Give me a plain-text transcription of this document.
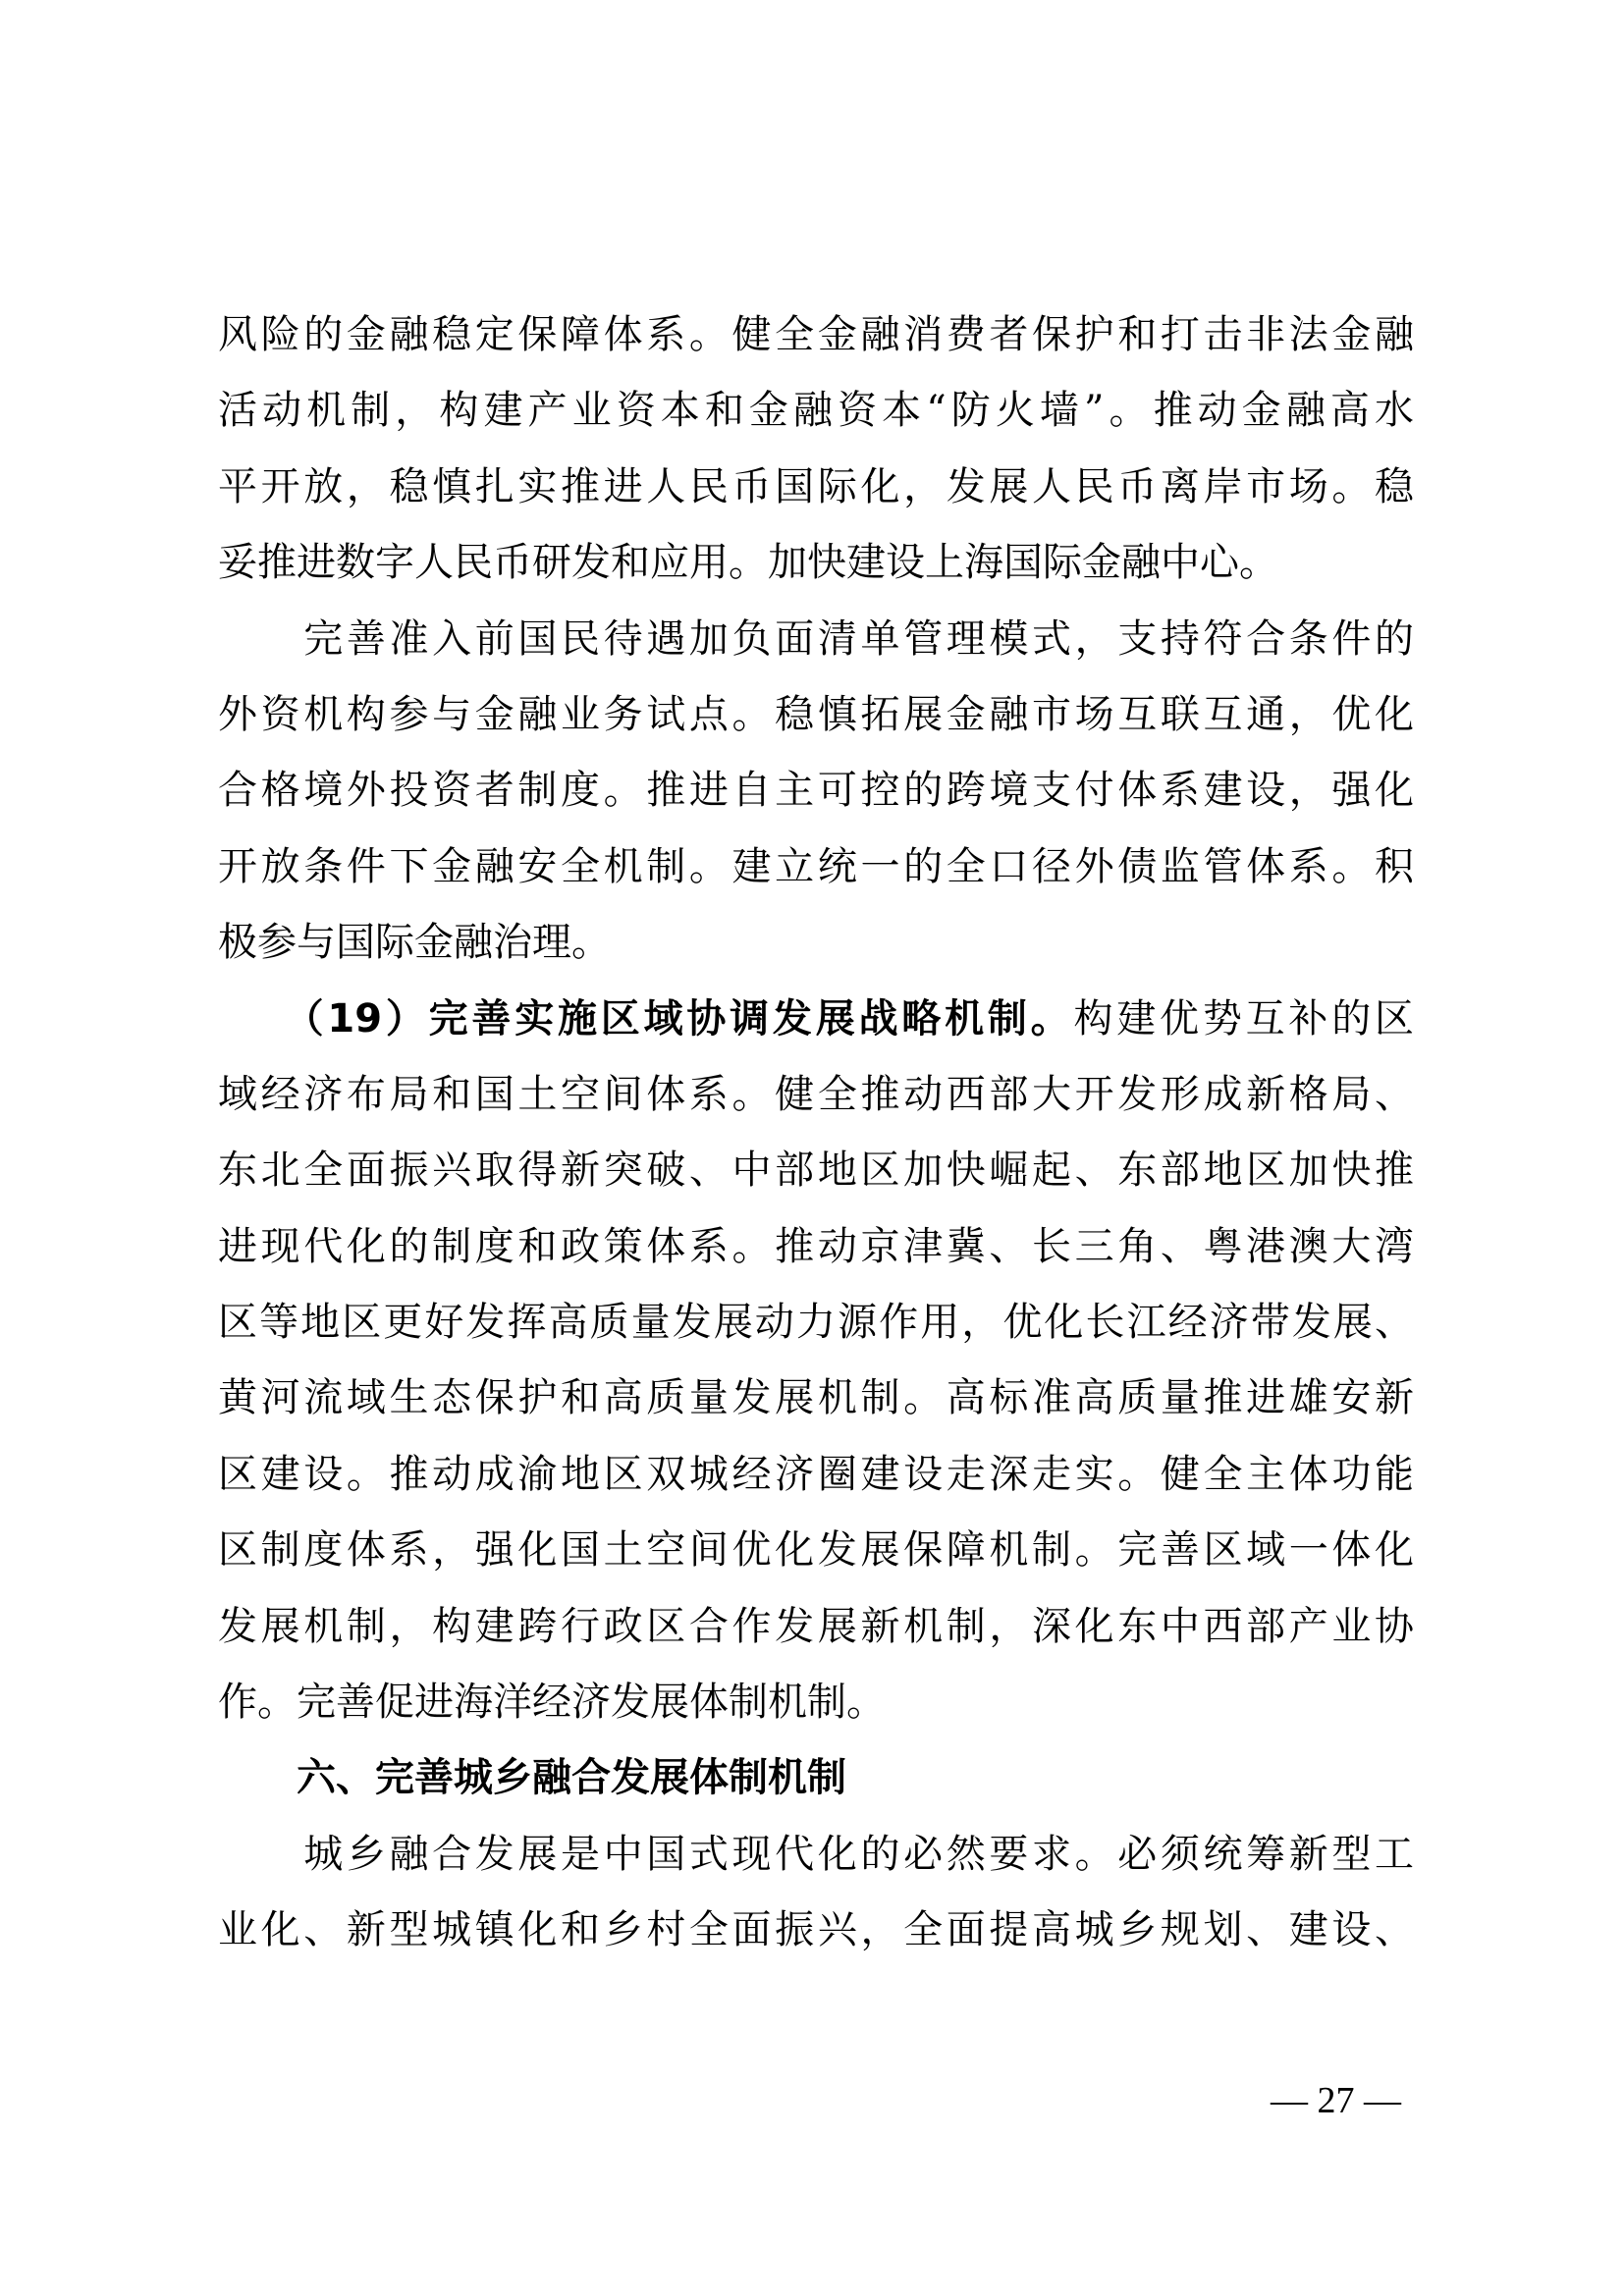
风险的金融稳定保障体系。健全金融消费者保护和打击非法金融
活动机制，构建产业资本和金融资本“防火墙”。推动金融高水
平开放，稳慎扎实推进人民币国际化，发展人民币离岸市场。稳
妥推进数字人民币研发和应用。加快建设上海国际金融中心。
　　完善准入前国民待遇加负面清单管理模式，支持符合条件的
外资机构参与金融业务试点。稳慎拓展金融市场互联互通，优化
合格境外投资者制度。推进自主可控的跨境支付体系建设，强化
开放条件下金融安全机制。建立统一的全口径外债监管体系。积
极参与国际金融治理。
　　（19）完善实施区域协调发展战略机制。构建优势互补的区
域经济布局和国土空间体系。健全推动西部大开发形成新格局、
东北全面振兴取得新突破、中部地区加快崛起、东部地区加快推
进现代化的制度和政策体系。推动京津冀、长三角、粤港澳大湾
区等地区更好发挥高质量发展动力源作用，优化长江经济带发展、
黄河流域生态保护和高质量发展机制。高标准高质量推进雄安新
区建设。推动成渝地区双城经济圈建设走深走实。健全主体功能
区制度体系，强化国土空间优化发展保障机制。完善区域一体化
发展机制，构建跨行政区合作发展新机制，深化东中西部产业协
作。完善促进海洋经济发展体制机制。
　　六、完善城乡融合发展体制机制
　　城乡融合发展是中国式现代化的必然要求。必须统筹新型工
业化、新型城镇化和乡村全面振兴，全面提高城乡规划、建设、
— 27 —
